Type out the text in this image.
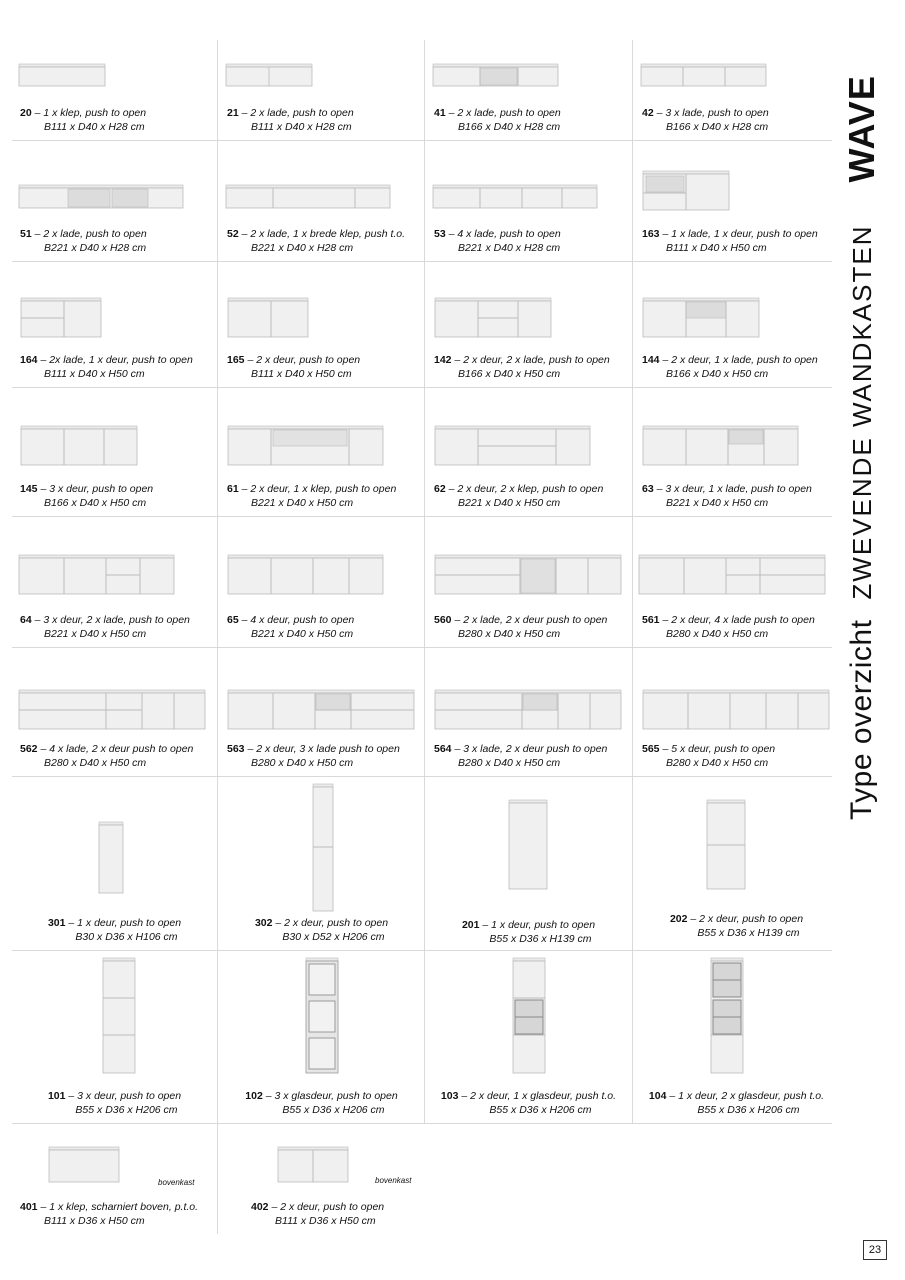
20 – 1 x klep, push to open
B111 x D40 x H28 cm
21 – 2 x lade, push to open
B111 x D40 x H28 cm
41 – 2 x lade, push to open
B166 x D40 x H28 cm
42 – 3 x lade, push to open
B166 x D40 x H28 cm
51 – 2 x lade, push to open
B221 x D40 x H28 cm
52 – 2 x lade, 1 x brede klep, push t.o.
B221 x D40 x H28 cm
53 – 4 x lade, push to open
B221 x D40 x H28 cm
163 – 1 x lade, 1 x deur, push to open
B111 x D40 x H50 cm
164 – 2x lade, 1 x deur, push to open
B111 x D40 x H50 cm
165 – 2 x deur, push to open
B111 x D40 x H50 cm
142 – 2 x deur, 2 x lade, push to open
B166 x D40 x H50 cm
144 – 2 x deur, 1 x lade, push to open
B166 x D40 x H50 cm
145 – 3 x deur, push to open
B166 x D40 x H50 cm
61 – 2 x deur, 1 x klep, push to open
B221 x D40 x H50 cm
62 – 2 x deur, 2 x klep, push to open
B221 x D40 x H50 cm
63 – 3 x deur, 1 x lade, push to open
B221 x D40 x H50 cm
64 – 3 x deur, 2 x lade, push to open
B221 x D40 x H50 cm
65 – 4 x deur, push to open
B221 x D40 x H50 cm
560 – 2 x lade, 2 x deur push to open
B280 x D40 x H50 cm
561 – 2 x deur, 4 x lade push to open
B280 x D40 x H50 cm
562 – 4 x lade, 2 x deur push to open
B280 x D40 x H50 cm
563 – 2 x deur, 3 x lade push to open
B280 x D40 x H50 cm
564 – 3 x lade, 2 x deur push to open
B280 x D40 x H50 cm
565 – 5 x deur, push to open
B280 x D40 x H50 cm
301 – 1 x deur, push to open
B30 x D36 x H106 cm
302 – 2 x deur, push to open
B30 x D52 x H206 cm
201 – 1 x deur, push to open
B55 x D36 x H139 cm
202 – 2 x deur, push to open
B55 x D36 x H139 cm
101 – 3 x deur, push to open
B55 x D36 x H206 cm
102 – 3 x glasdeur, push to open
B55 x D36 x H206 cm
103 – 2 x deur, 1 x glasdeur, push t.o.
B55 x D36 x H206 cm
104 – 1 x deur, 2 x glasdeur, push t.o.
B55 x D36 x H206 cm
bovenkast
401 – 1 x klep, scharniert boven, p.t.o.
B111 x D36 x H50 cm
bovenkast
402 – 2 x deur, push to open
B111 x D36 x H50 cm
Type overzicht
ZWEVENDE WANDKASTEN
WAVE
23
